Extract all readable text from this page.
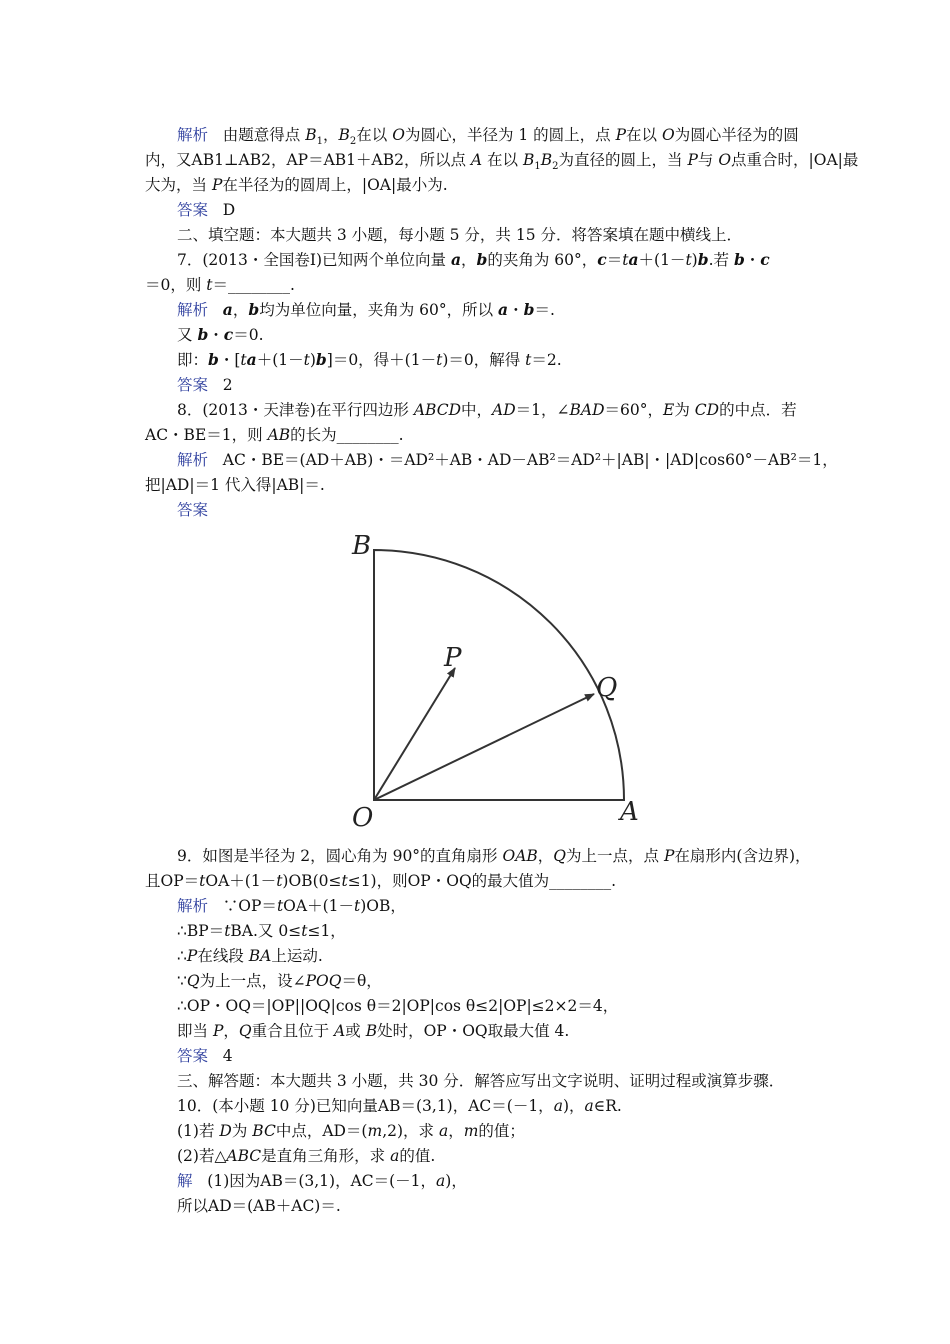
解析 由题意得点 $B_1$，$B_2$在以 O为圆心，半径为 1 的圆上，点 P在以 O为圆心半径为的圆
内，又AB1⊥AB2，AP＝AB1＋AB2，所以点 A 在以 $B_1B_2$为直径的圆上，当 P与 O点重合时，|OA|最
大为，当 P在半径为的圆周上，|OA|最小为.
答案 D
二、填空题：本大题共 3 小题，每小题 5 分，共 15 分．将答案填在题中横线上．
7．(2013・全国卷Ⅰ)已知两个单位向量 a，b的夹角为 60°，c＝ta＋(1－t)b.若 b・c
＝0，则 t＝________.
解析 a，b均为单位向量，夹角为 60°，所以 a・b＝.
又 b・c＝0.
即：b・[ta＋(1－t)b]＝0，得＋(1－t)＝0，解得 t＝2.
答案 2
8．(2013・天津卷)在平行四边形 ABCD中，AD＝1，∠BAD＝60°，E为 CD的中点．若
AC・BE＝1，则 AB的长为________.
解析 AC・BE＝(AD＋AB)・＝AD²＋AB・AD－AB²＝AD²＋|AB|・|AD|cos60°－AB²＝1，
把|AD|＝1 代入得|AB|＝.
答案
B
P
Q
O	A
9．如图是半径为 2，圆心角为 90°的直角扇形 OAB，Q为上一点，点 P在扇形内(含边界)，
且OP＝tOA＋(1－t)OB(0≤t≤1)，则OP・OQ的最大值为________.
解析 ∵OP＝tOA＋(1－t)OB，
∴BP＝tBA.又 0≤t≤1，
∴P在线段 BA上运动.
∵Q为上一点，设∠POQ＝θ，
∴OP・OQ＝|OP||OQ|cos θ＝2|OP|cos θ≤2|OP|≤2×2＝4，
即当 P，Q重合且位于 A或 B处时，OP・OQ取最大值 4.
答案 4
三、解答题：本大题共 3 小题，共 30 分．解答应写出文字说明、证明过程或演算步骤．
10．(本小题 10 分)已知向量AB＝(3,1)，AC＝(－1，a)，a∈R.
(1)若 D为 BC中点，AD＝(m,2)，求 a，m的值；
(2)若△ABC是直角三角形，求 a的值.
解 (1)因为AB＝(3,1)，AC＝(－1，a)，
所以AD＝(AB＋AC)＝.
